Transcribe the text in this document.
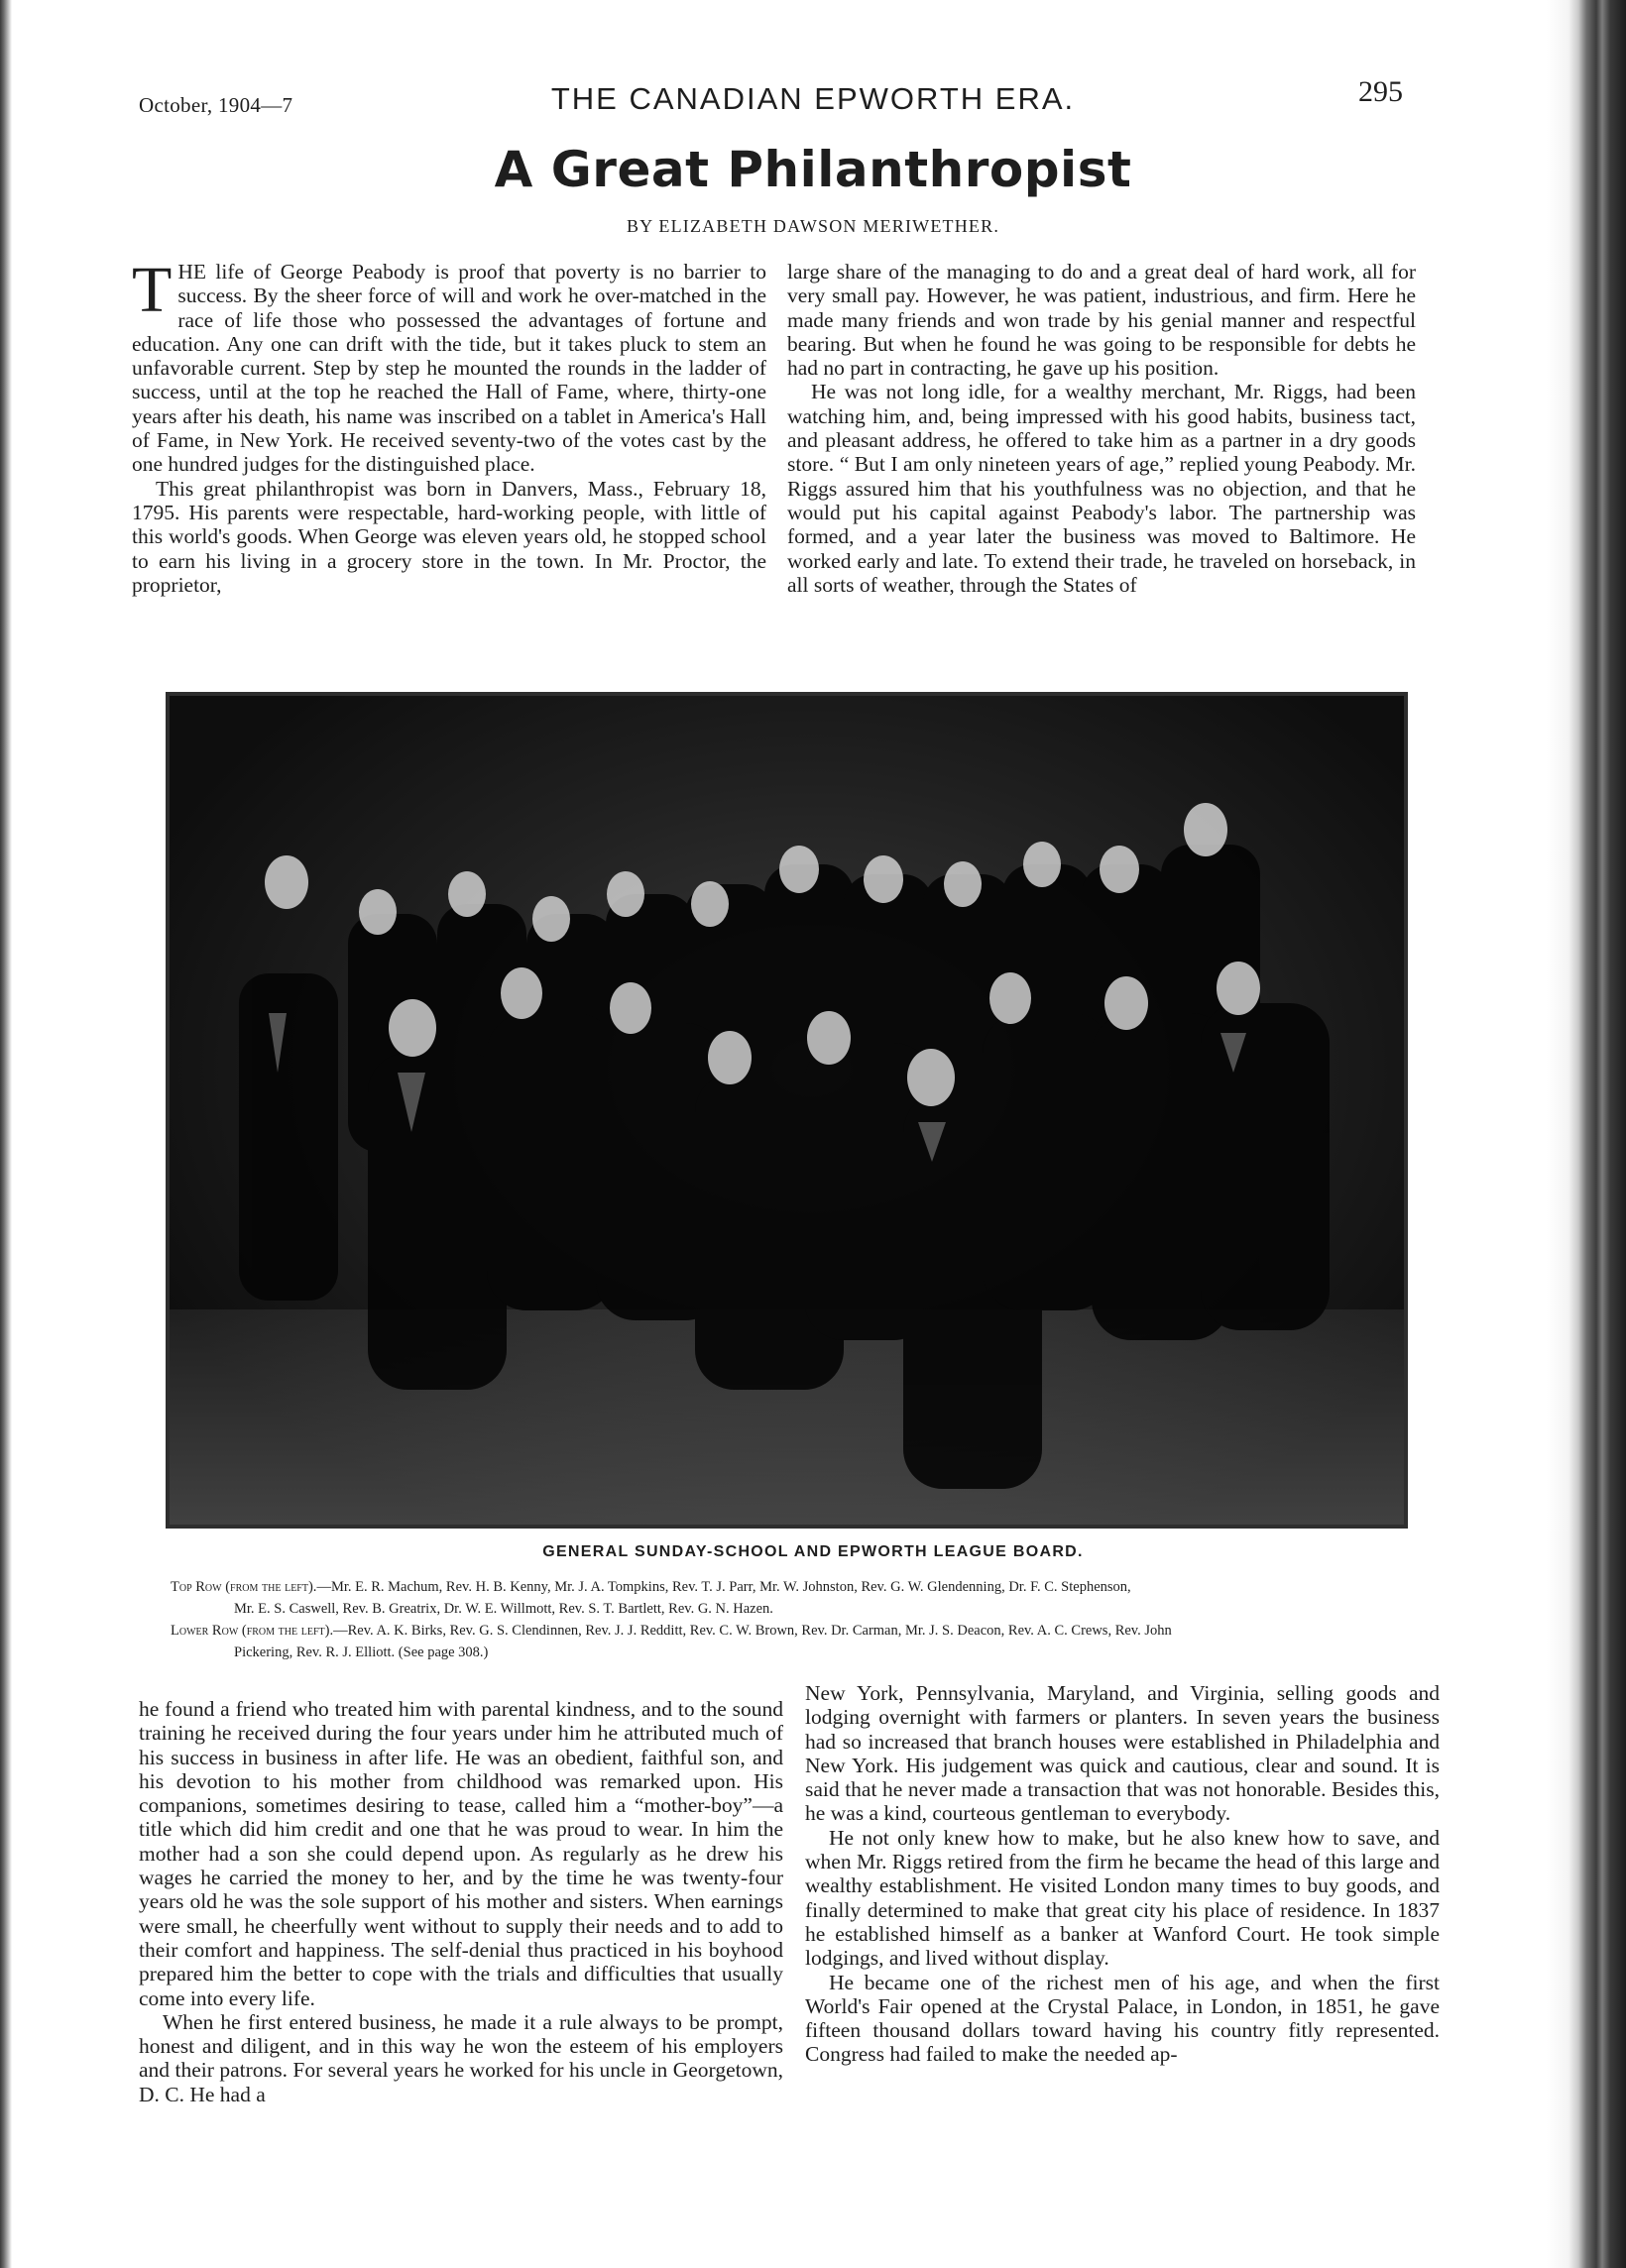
October, 1904—7	THE CANADIAN EPWORTH ERA.	295
A Great Philanthropist
BY ELIZABETH DAWSON MERIWETHER.

THE life of George Peabody is proof that poverty is no barrier to success. By the sheer force of will and work he over-matched in the race of life those who possessed the advantages of fortune and education. Any one can drift with the tide, but it takes pluck to stem an unfavorable current. Step by step he mounted the rounds in the ladder of success, until at the top he reached the Hall of Fame, where, thirty-one years after his death, his name was inscribed on a tablet in America's Hall of Fame, in New York. He received seventy-two of the votes cast by the one hundred judges for the distinguished place.

This great philanthropist was born in Danvers, Mass., February 18, 1795. His parents were respectable, hard-working people, with little of this world's goods. When George was eleven years old, he stopped school to earn his living in a grocery store in the town. In Mr. Proctor, the proprietor,

large share of the managing to do and a great deal of hard work, all for very small pay. However, he was patient, industrious, and firm. Here he made many friends and won trade by his genial manner and respectful bearing. But when he found he was going to be responsible for debts he had no part in contracting, he gave up his position.

He was not long idle, for a wealthy merchant, Mr. Riggs, had been watching him, and, being impressed with his good habits, business tact, and pleasant address, he offered to take him as a partner in a dry goods store. “ But I am only nineteen years of age,” replied young Peabody. Mr. Riggs assured him that his youthfulness was no objection, and that he would put his capital against Peabody's labor. The partnership was formed, and a year later the business was moved to Baltimore. He worked early and late. To extend their trade, he traveled on horseback, in all sorts of weather, through the States of

GENERAL SUNDAY-SCHOOL AND EPWORTH LEAGUE BOARD.
Top Row (from the left).—Mr. E. R. Machum, Rev. H. B. Kenny, Mr. J. A. Tompkins, Rev. T. J. Parr, Mr. W. Johnston, Rev. G. W. Glendenning, Dr. F. C. Stephenson,
Mr. E. S. Caswell, Rev. B. Greatrix, Dr. W. E. Willmott, Rev. S. T. Bartlett, Rev. G. N. Hazen.
Lower Row (from the left).—Rev. A. K. Birks, Rev. G. S. Clendinnen, Rev. J. J. Redditt, Rev. C. W. Brown, Rev. Dr. Carman, Mr. J. S. Deacon, Rev. A. C. Crews, Rev. John
Pickering, Rev. R. J. Elliott. (See page 308.)

he found a friend who treated him with parental kindness, and to the sound training he received during the four years under him he attributed much of his success in business in after life. He was an obedient, faithful son, and his devotion to his mother from childhood was remarked upon. His companions, sometimes desiring to tease, called him a “mother-boy”—a title which did him credit and one that he was proud to wear. In him the mother had a son she could depend upon. As regularly as he drew his wages he carried the money to her, and by the time he was twenty-four years old he was the sole support of his mother and sisters. When earnings were small, he cheerfully went without to supply their needs and to add to their comfort and happiness. The self-denial thus practiced in his boyhood prepared him the better to cope with the trials and difficulties that usually come into every life.

When he first entered business, he made it a rule always to be prompt, honest and diligent, and in this way he won the esteem of his employers and their patrons. For several years he worked for his uncle in Georgetown, D. C. He had a

New York, Pennsylvania, Maryland, and Virginia, selling goods and lodging overnight with farmers or planters. In seven years the business had so increased that branch houses were established in Philadelphia and New York. His judgement was quick and cautious, clear and sound. It is said that he never made a transaction that was not honorable. Besides this, he was a kind, courteous gentleman to everybody.

He not only knew how to make, but he also knew how to save, and when Mr. Riggs retired from the firm he became the head of this large and wealthy establishment. He visited London many times to buy goods, and finally determined to make that great city his place of residence. In 1837 he established himself as a banker at Wanford Court. He took simple lodgings, and lived without display.

He became one of the richest men of his age, and when the first World's Fair opened at the Crystal Palace, in London, in 1851, he gave fifteen thousand dollars toward having his country fitly represented. Congress had failed to make the needed ap-
